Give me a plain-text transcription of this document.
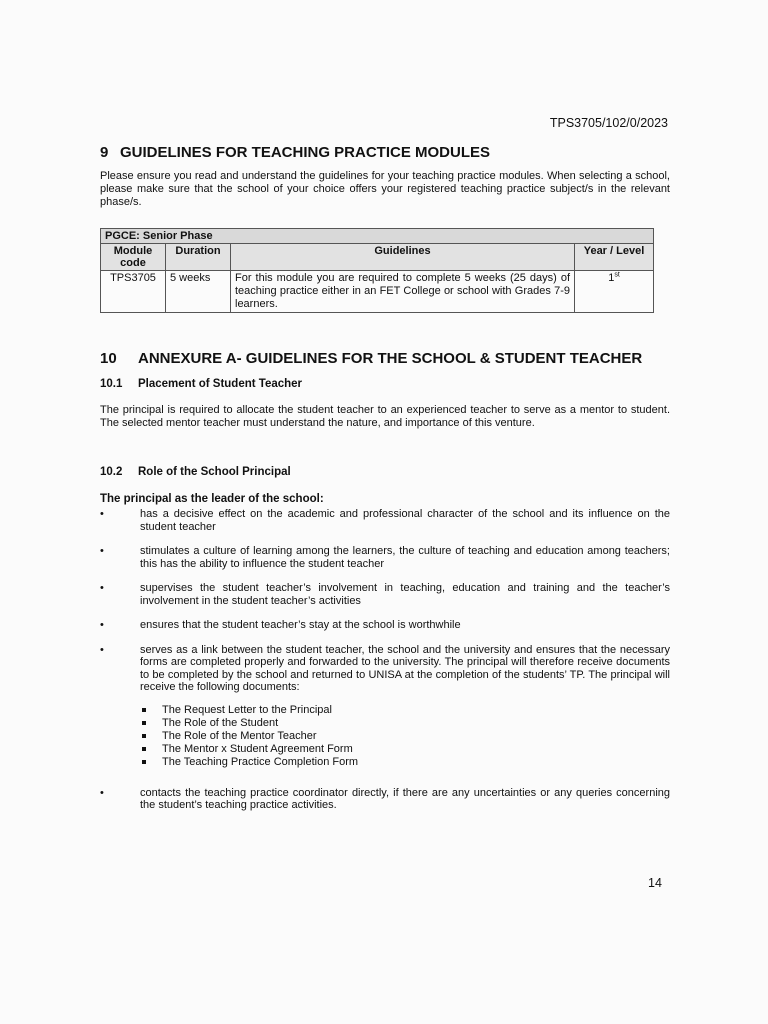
TPS3705/102/0/2023
9 GUIDELINES FOR TEACHING PRACTICE MODULES

Please ensure you read and understand the guidelines for your teaching practice modules. When selecting a school, please make sure that the school of your choice offers your registered teaching practice subject/s in the relevant phase/s.

PGCE: Senior Phase			
Module code	Duration	Guidelines	Year / Level
TPS3705	5 weeks	For this module you are required to complete 5 weeks (25 days) of teaching practice either in an FET College or school with Grades 7-9 learners.	1st
10	ANNEXURE A- GUIDELINES FOR THE SCHOOL & STUDENT TEACHER
10.1	Placement of Student Teacher

The principal is required to allocate the student teacher to an experienced teacher to serve as a mentor to student. The selected mentor teacher must understand the nature, and importance of this venture.

10.2	Role of the School Principal
The principal as the leader of the school:
•	has a decisive effect on the academic and professional character of the school and its influence on the student teacher
•	stimulates a culture of learning among the learners, the culture of teaching and education among teachers; this has the ability to influence the student teacher
•	supervises the student teacher’s involvement in teaching, education and training and the teacher’s involvement in the student teacher’s activities
•	ensures that the student teacher’s stay at the school is worthwhile
•	serves as a link between the student teacher, the school and the university and ensures that the necessary forms are completed properly and forwarded to the university. The principal will therefore receive documents to be completed by the school and returned to UNISA at the completion of the students’ TP. The principal will receive the following documents:
The Request Letter to the Principal
The Role of the Student
The Role of the Mentor Teacher
The Mentor x Student Agreement Form
The Teaching Practice Completion Form
•	contacts the teaching practice coordinator directly, if there are any uncertainties or any queries concerning the student’s teaching practice activities.
14
